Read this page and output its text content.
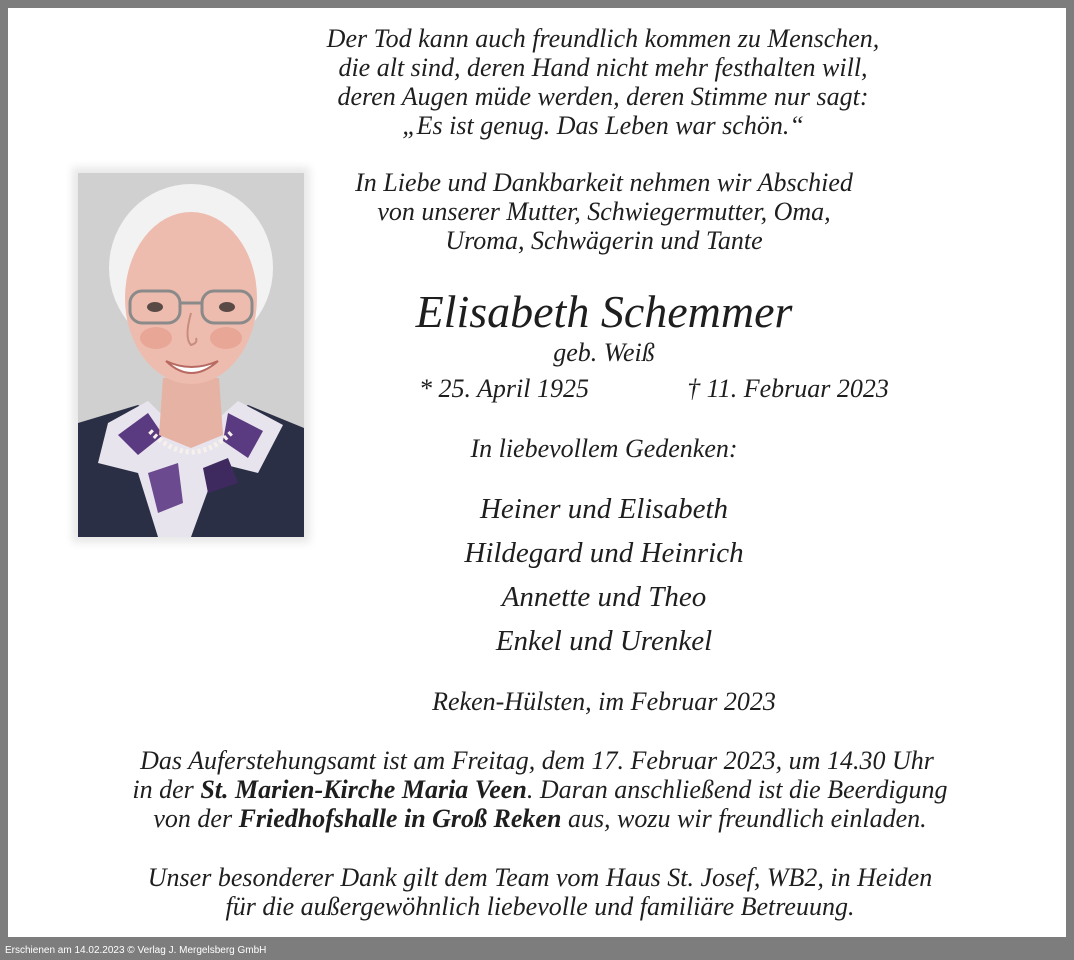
Der Tod kann auch freundlich kommen zu Menschen,
die alt sind, deren Hand nicht mehr festhalten will,
deren Augen müde werden, deren Stimme nur sagt:
„Es ist genug. Das Leben war schön.“
In Liebe und Dankbarkeit nehmen wir Abschied
von unserer Mutter, Schwiegermutter, Oma,
Uroma, Schwägerin und Tante
Elisabeth Schemmer
geb. Weiß
* 25. April 1925	† 11. Februar 2023
In liebevollem Gedenken:
Heiner und Elisabeth
Hildegard und Heinrich
Annette und Theo
Enkel und Urenkel
Reken-Hülsten, im Februar 2023
Das Auferstehungsamt ist am Freitag, dem 17. Februar 2023, um 14.30 Uhr
in der St. Marien-Kirche Maria Veen. Daran anschließend ist die Beerdigung
von der Friedhofshalle in Groß Reken aus, wozu wir freundlich einladen.
Unser besonderer Dank gilt dem Team vom Haus St. Josef, WB2, in Heiden
für die außergewöhnlich liebevolle und familiäre Betreuung.
Erschienen am 14.02.2023 © Verlag J. Mergelsberg GmbH
